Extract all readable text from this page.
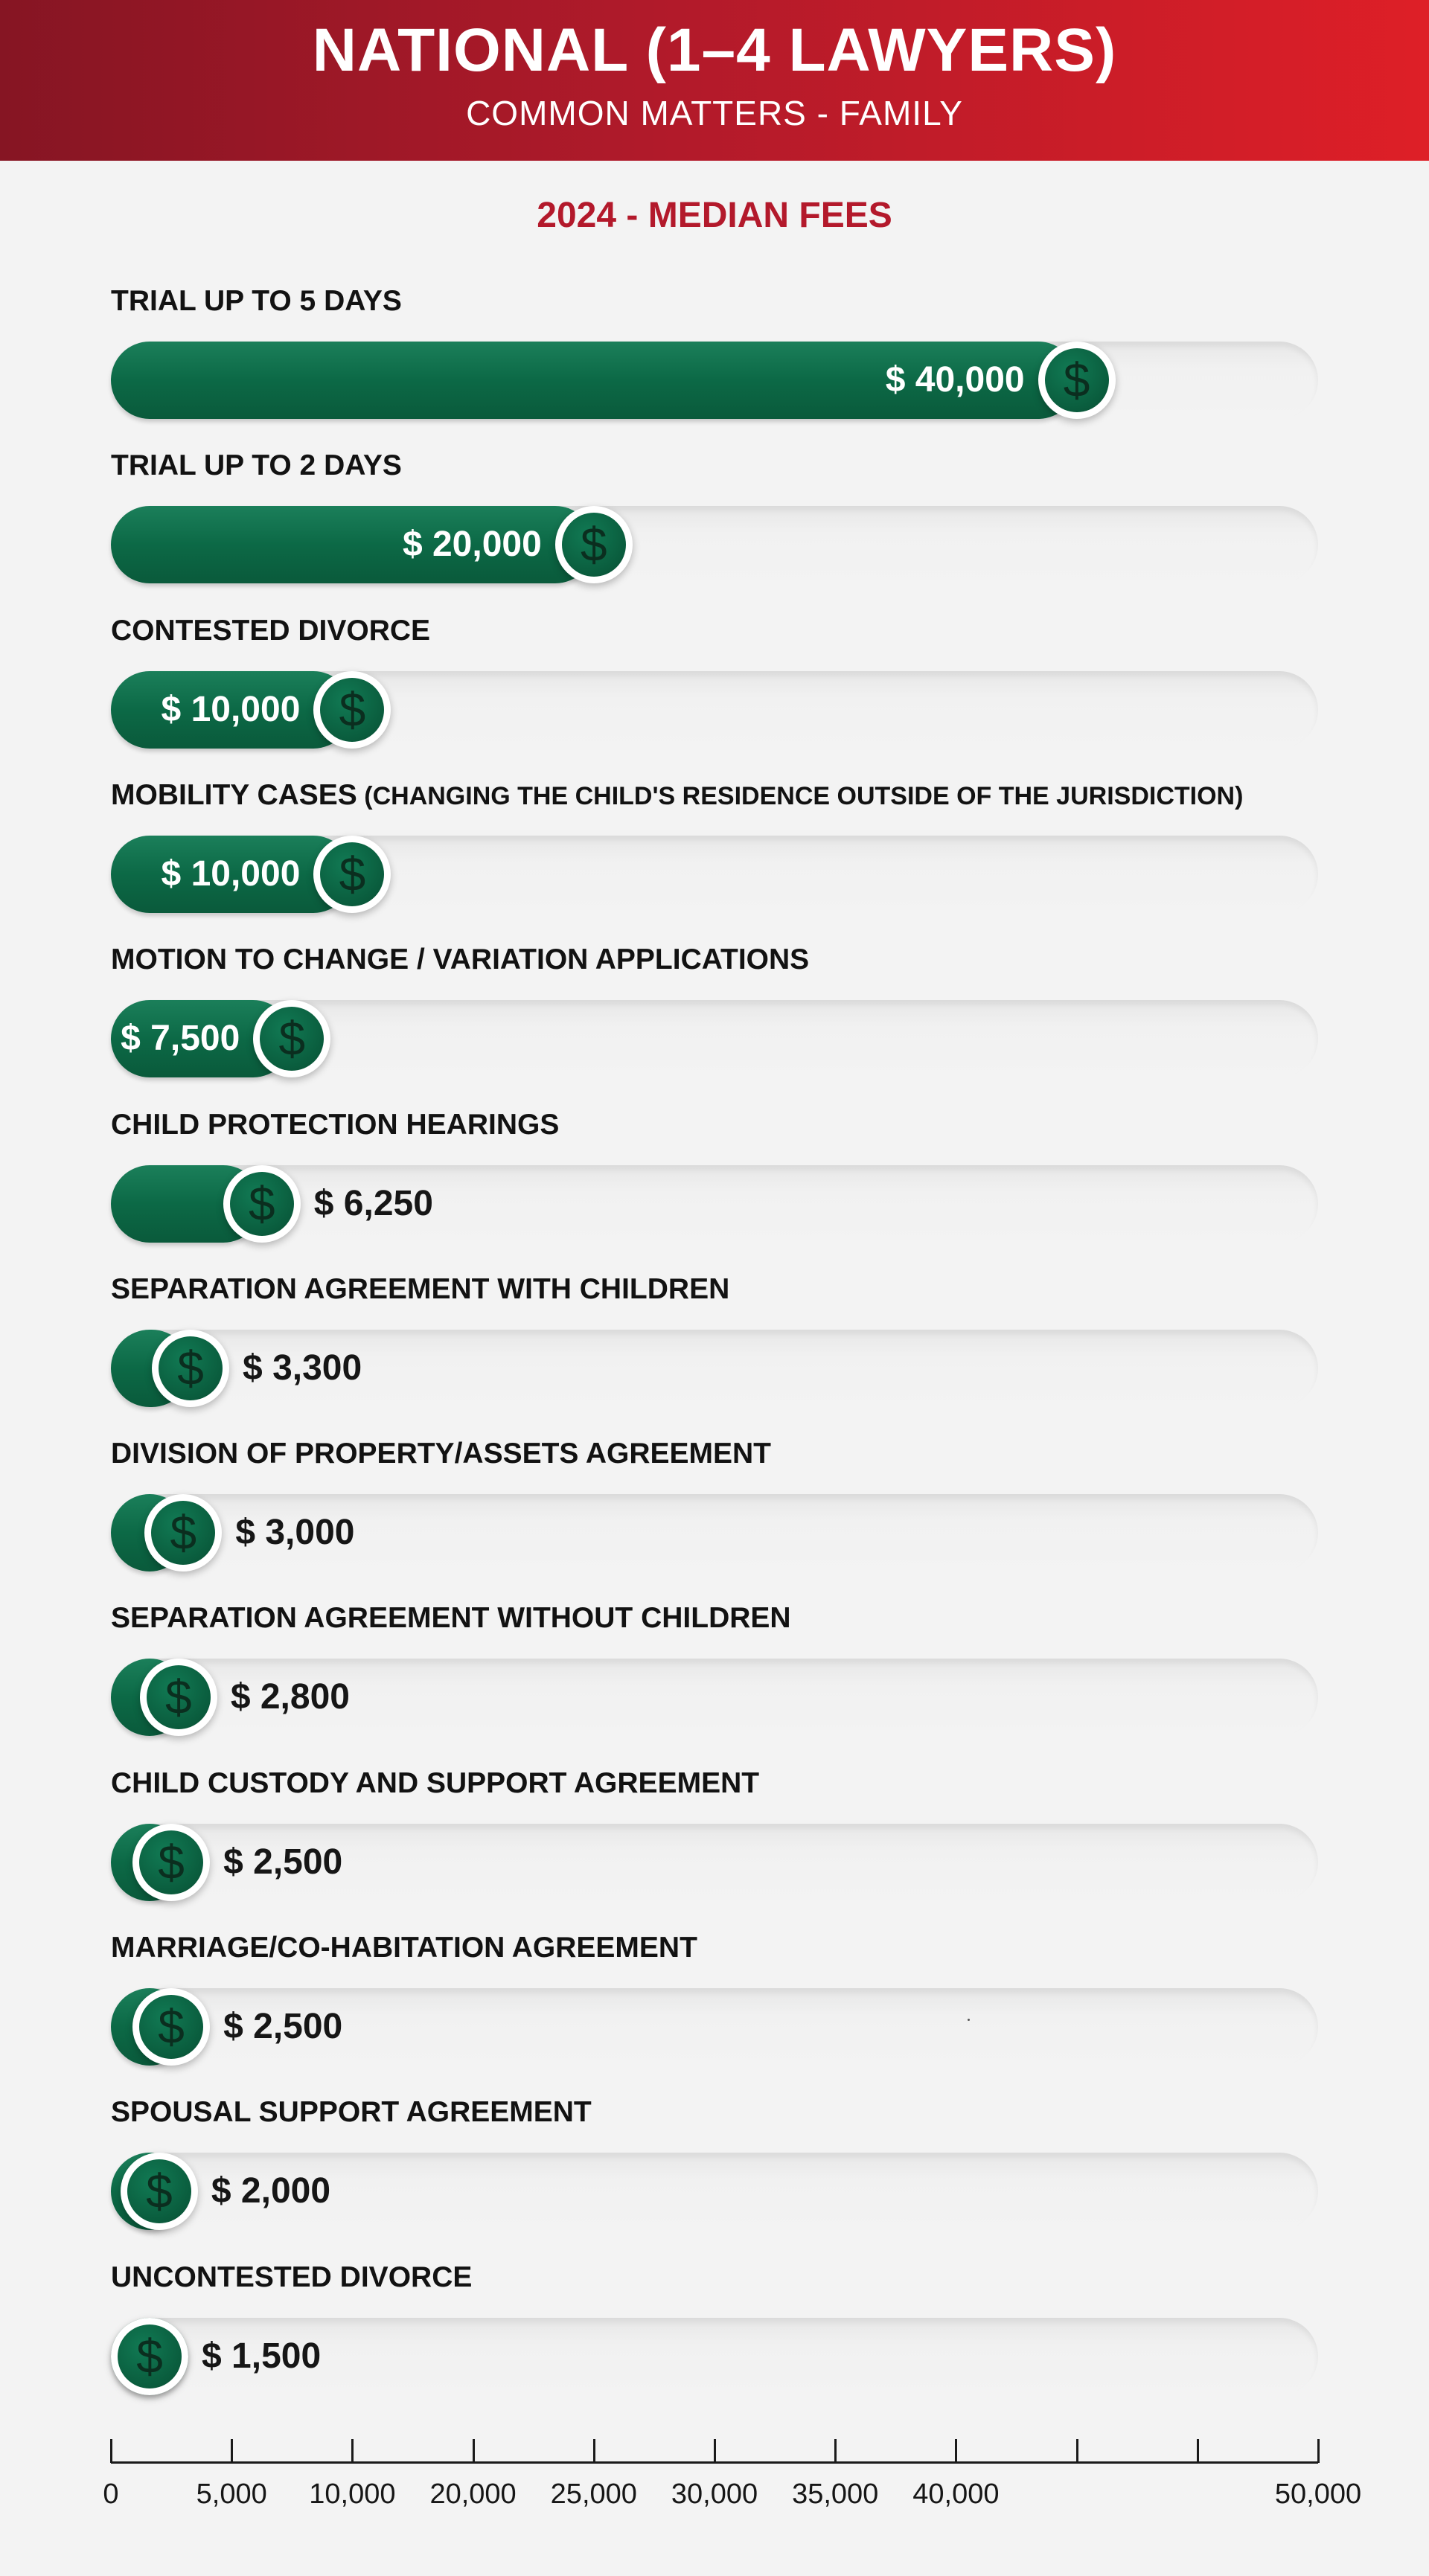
NATIONAL (1–4 LAWYERS)
COMMON MATTERS - FAMILY
2024 - MEDIAN FEES
TRIAL UP TO 5 DAYS
$
$ 40,000
TRIAL UP TO 2 DAYS
$
$ 20,000
CONTESTED DIVORCE
$
$ 10,000
MOBILITY CASES (CHANGING THE CHILD'S RESIDENCE OUTSIDE OF THE JURISDICTION)
$
$ 10,000
MOTION TO CHANGE / VARIATION APPLICATIONS
$
$ 7,500
CHILD PROTECTION HEARINGS
$	$ 6,250
SEPARATION AGREEMENT WITH CHILDREN
$	$ 3,300
DIVISION OF PROPERTY/ASSETS AGREEMENT
$	$ 3,000
SEPARATION AGREEMENT WITHOUT CHILDREN
$	$ 2,800
CHILD CUSTODY AND SUPPORT AGREEMENT
$	$ 2,500
MARRIAGE/CO-HABITATION AGREEMENT
$	$ 2,500
SPOUSAL SUPPORT AGREEMENT
$	$ 2,000
UNCONTESTED DIVORCE
$	$ 1,500
0	5,000	10,000	20,000	25,000	30,000	35,000	40,000	50,000
